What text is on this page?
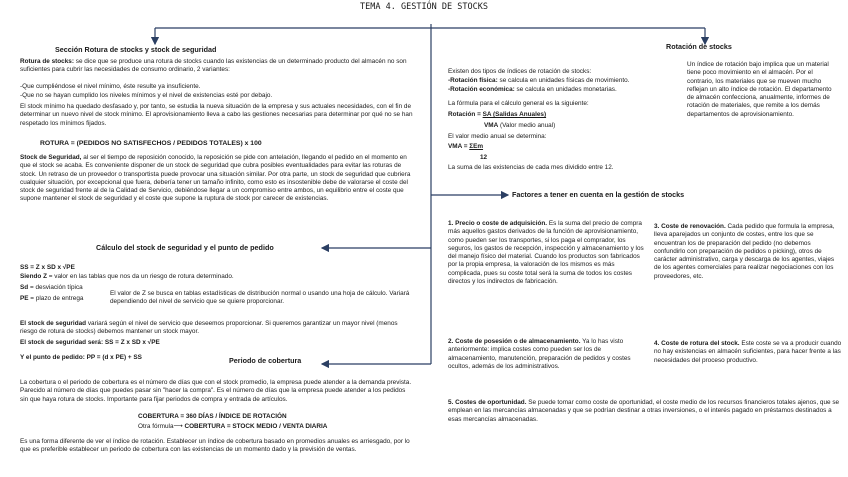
TEMA 4. GESTIÓN DE STOCKS
Sección Rotura de stocks y stock de seguridad
Rotura de stocks: se dice que se produce una rotura de stocks cuando las existencias de un determinado producto del almacén no son suficientes para cubrir las necesidades de consumo ordinario, 2 variantes:
-Que cumpliéndose el nivel mínimo, éste resulte ya insuficiente.
-Que no se hayan cumplido los niveles mínimos y el nivel de existencias esté por debajo.
El stock mínimo ha quedado desfasado y, por tanto, se estudia la nueva situación de la empresa y sus actuales necesidades, con el fin de determinar un nuevo nivel de stock mínimo. El aprovisionamiento lleva a cabo las gestiones necesarias para determinar por qué no se han respetado los mínimos fijados.
ROTURA = (PEDIDOS NO SATISFECHOS / PEDIDOS TOTALES) x 100
Stock de Seguridad, al ser el tiempo de reposición conocido, la reposición se pide con antelación, llegando el pedido en el momento en que el stock se acaba. Es conveniente disponer de un stock de seguridad que cubra posibles eventualidades para evitar las roturas de stock. Un retraso de un proveedor o transportista puede provocar una situación similar. Por otra parte, un stock de seguridad que cubriera cualquier situación, por excepcional que fuera, debería tener un tamaño infinito, como esto es insostenible debe de valorarse el coste del stock de seguridad frente al de la Calidad de Servicio, debiéndose llegar a un compromiso entre ambos, un equilibrio entre el coste que supone mantener el stock de seguridad y el coste que supone la ruptura de stock por carecer de existencias.
Cálculo del stock de seguridad y el punto de pedido
SS = Z x SD x √PE
Siendo Z = valor en las tablas que nos da un riesgo de rotura determinado.
Sd = desviación típica
PE = plazo de entrega
El valor de Z se busca en tablas estadísticas de distribución normal o usando una hoja de cálculo. Variará dependiendo del nivel de servicio que se quiere proporcionar.
El stock de seguridad variará según el nivel de servicio que deseemos proporcionar. Si queremos garantizar un mayor nivel (menos riesgo de rotura de stocks) debemos mantener un stock mayor.
El stock de seguridad será: SS = Z x SD x √PE
Y el punto de pedido: PP = (d x PE) + SS	Periodo de cobertura
La cobertura o el periodo de cobertura es el número de días que con el stock promedio, la empresa puede atender a la demanda prevista. Parecido al número de días que puedes pasar sin "hacer la compra". Es el número de días que la empresa puede atender a los pedidos sin que haya rotura de stocks. Importante para fijar periodos de compra y entrada de artículos.
COBERTURA = 360 DÍAS / ÍNDICE DE ROTACIÓN
Otra fórmula⟶ COBERTURA = STOCK MEDIO / VENTA DIARIA
Es una forma diferente de ver el índice de rotación. Establecer un índice de cobertura basado en promedios anuales es arriesgado, por lo que es preferible establecer un periodo de cobertura con las existencias de un momento dado y la previsión de ventas.
Rotación de stocks
Un índice de rotación bajo implica que un material tiene poco movimiento en el almacén. Por el contrario, los materiales que se mueven mucho reflejan un alto índice de rotación. El departamento de almacén confecciona, anualmente, informes de rotación de materiales, que remite a los demás departamentos de aprovisionamiento.
Existen dos tipos de índices de rotación de stocks:
-Rotación física: se calcula en unidades físicas de movimiento.
-Rotación económica: se calcula en unidades monetarias.
La fórmula para el cálculo general es la siguiente:
Rotación = SA (Salidas Anuales)
VMA (Valor medio anual)
El valor medio anual se determina:
VMA = ΣEm
12
La suma de las existencias de cada mes dividido entre 12.
Factores a tener en cuenta en la gestión de stocks
1. Precio o coste de adquisición. Es la suma del precio de compra más aquellos gastos derivados de la función de aprovisionamiento, como pueden ser los transportes, si los paga el comprador, los seguros, los gastos de recepción, inspección y almacenamiento y los del manejo físico del material. Cuando los productos son fabricados por la propia empresa, la valoración de los mismos es más complicada, pues su coste total será la suma de todos los costes directos y los indirectos de fabricación.
2. Coste de posesión o de almacenamiento. Ya lo has visto anteriormente: implica costes como pueden ser los de almacenamiento, manutención, preparación de pedidos y costes ocultos, además de los administrativos.
3. Coste de renovación. Cada pedido que formula la empresa, lleva aparejados un conjunto de costes, entre los que se encuentran los de preparación del pedido (no debemos confundirlo con preparación de pedidos o picking), otros de carácter administrativo, carga y descarga de los agentes, viajes de los agentes comerciales para realizar negociaciones con los proveedores, etc.
4. Coste de rotura del stock. Este coste se va a producir cuando no hay existencias en almacén suficientes, para hacer frente a las necesidades del proceso productivo.
5. Costes de oportunidad. Se puede tomar como coste de oportunidad, el coste medio de los recursos financieros totales ajenos, que se emplean en las mercancías almacenadas y que se podrían destinar a otras inversiones, o el interés pagado en préstamos destinados a esas mercancías almacenadas.
